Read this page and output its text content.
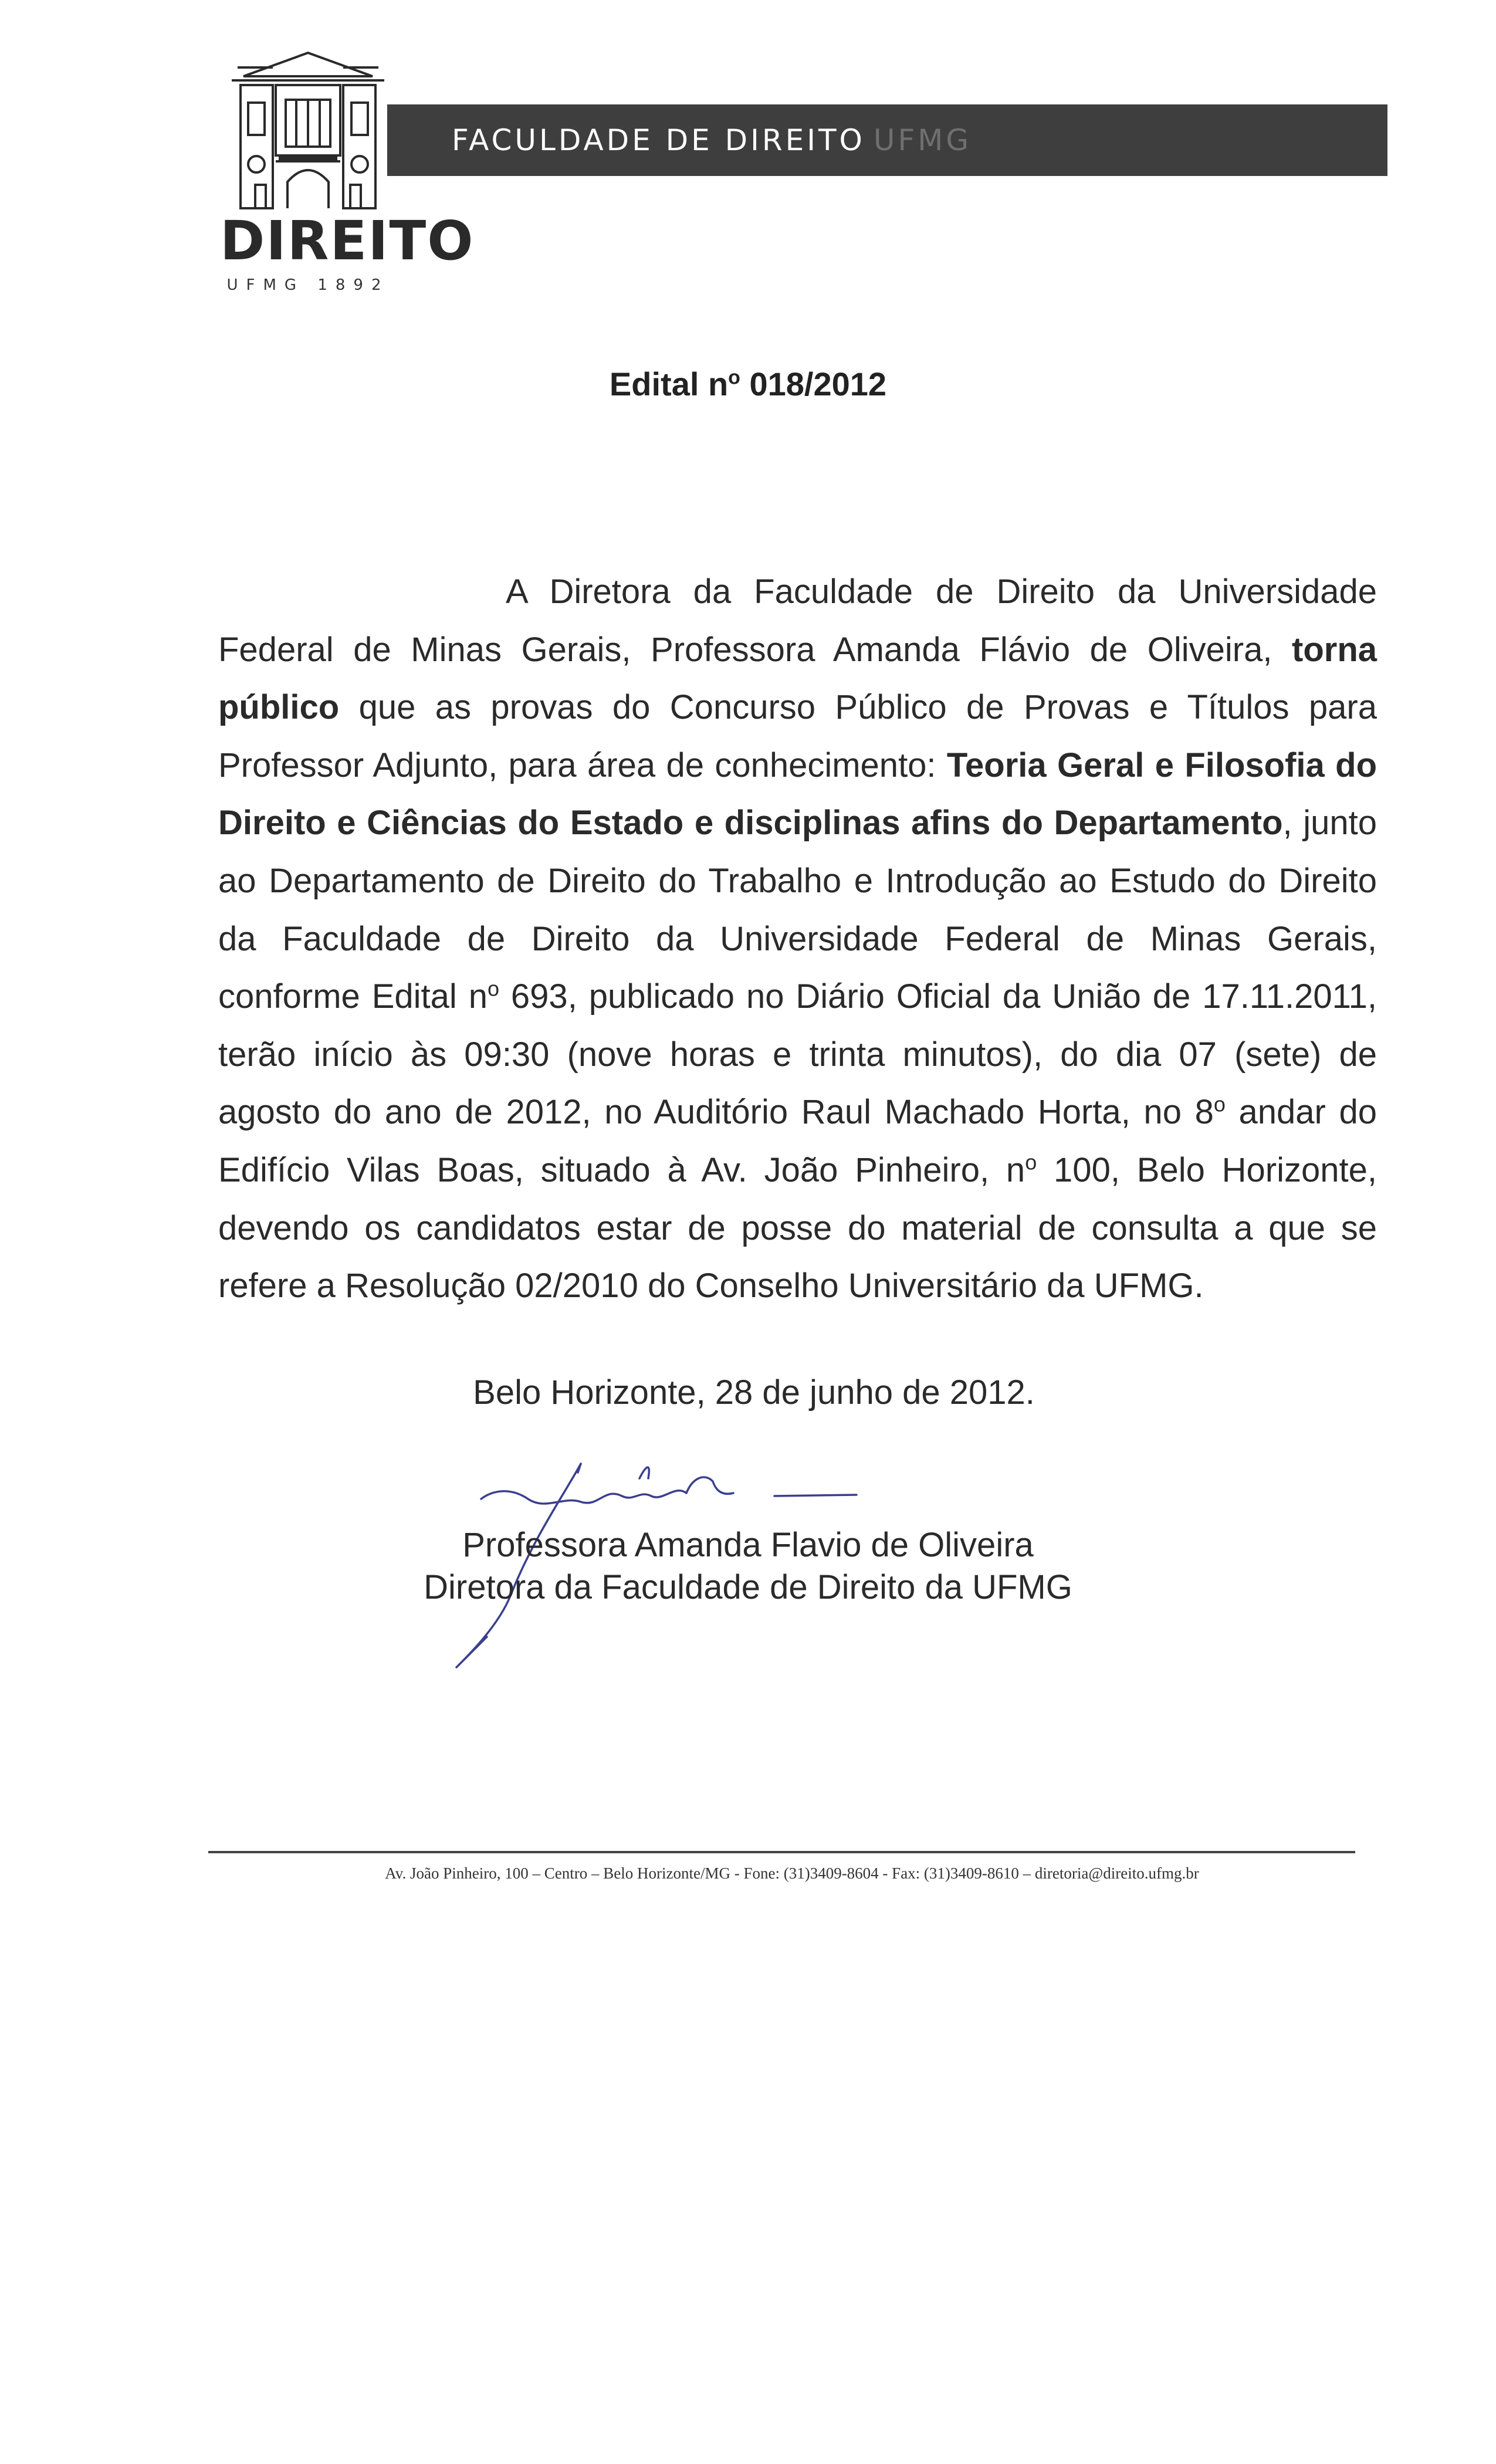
DIREITO
UFMG 1892
FACULDADE DE DIREITO UFMG
Edital $n^o$ 018/2012

A Diretora da Faculdade de Direito da Universidade Federal de Minas Gerais, Professora Amanda Flávio de Oliveira, torna público que as provas do Concurso Público de Provas e Títulos para Professor Adjunto, para área de conhecimento: Teoria Geral e Filosofia do Direito e Ciências do Estado e disciplinas afins do Departamento, junto ao Departamento de Direito do Trabalho e Introdução ao Estudo do Direito da Faculdade de Direito da Universidade Federal de Minas Gerais, conforme Edital $n^o$ 693, publicado no Diário Oficial da União de 17.11.2011, terão início às 09:30 (nove horas e trinta minutos), do dia 07 (sete) de agosto do ano de 2012, no Auditório Raul Machado Horta, no 8$^o$ andar do Edifício Vilas Boas, situado à Av. João Pinheiro, $n^o$ 100, Belo Horizonte, devendo os candidatos estar de posse do material de consulta a que se refere a Resolução 02/2010 do Conselho Universitário da UFMG.

Belo Horizonte, 28 de junho de 2012.
Professora Amanda Flavio de Oliveira
Diretora da Faculdade de Direito da UFMG
Av. João Pinheiro, 100 – Centro – Belo Horizonte/MG - Fone: (31)3409-8604 - Fax: (31)3409-8610 – diretoria@direito.ufmg.br
